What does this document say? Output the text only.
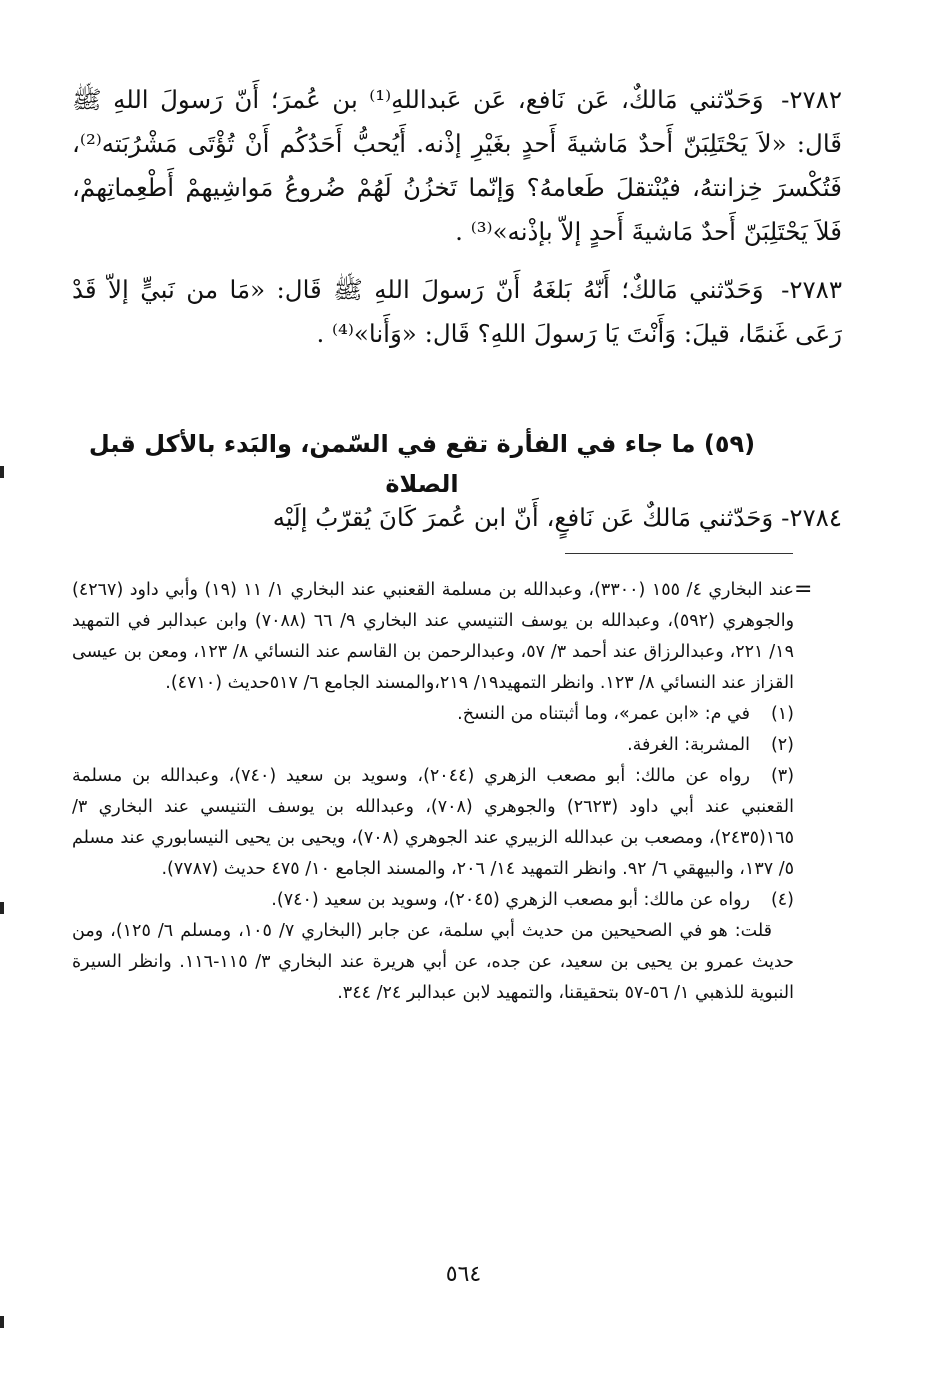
٢٧٨٢- وَحَدّثني مَالكٌ، عَن نَافع، عَن عَبداللهِ⁽¹⁾ بن عُمرَ؛ أَنّ رَسولَ اللهِ ﷺ قَال: «لاَ يَحْتَلِبَنّ أَحدٌ مَاشيةَ أَحدٍ بغَيْرِ إذْنه. أَيُحبُّ أَحَدُكُم أَنْ تُؤْتَى مَشْرُبَته⁽²⁾، فَتُكْسرَ خِزانتهُ، فيُنْتقلَ طَعامهُ؟ وَإنّما تَخزُنُ لَهُمْ ضُروعُ مَواشِيهمْ أَطْعِماتِهمْ، فَلاَ يَحْتَلِبَنّ أَحدٌ مَاشيةَ أَحدٍ إلاّ بإذْنه»⁽³⁾ .

٢٧٨٣- وَحَدّثني مَالكٌ؛ أَنّهُ بَلغَهُ أَنّ رَسولَ اللهِ ﷺ قَال: «مَا من نَبيٍّ إلاّ قَدْ رَعَى غَنمًا، قيلَ: وَأَنْتَ يَا رَسولَ اللهِ؟ قَال: «وَأَنا»⁽⁴⁾ .

(٥٩) ما جاء في الفأرة تقع في السّمن، والبَدء بالأكل قبل الصلاة

٢٧٨٤- وَحَدّثني مَالكٌ عَن نَافعٍ، أَنّ ابن عُمرَ كَانَ يُقرّبُ إلَيْه

=

عند البخاري ٤/ ١٥٥ (٣٣٠٠)، وعبدالله بن مسلمة القعنبي عند البخاري ١/ ١١ (١٩) وأبي داود (٤٢٦٧) والجوهري (٥٩٢)، وعبدالله بن يوسف التنيسي عند البخاري ٩/ ٦٦ (٧٠٨٨) وابن عبدالبر في التمهيد ١٩/ ٢٢١، وعبدالرزاق عند أحمد ٣/ ٥٧، وعبدالرحمن بن القاسم عند النسائي ٨/ ١٢٣، ومعن بن عيسى القزاز عند النسائي ٨/ ١٢٣. وانظر التمهيد١٩/ ٢١٩،والمسند الجامع ٦/ ٥١٧حديث (٤٧١٠).

(١)في م: «ابن عمر»، وما أثبتناه من النسخ.

(٢)المشربة: الغرفة.

(٣)رواه عن مالك: أبو مصعب الزهري (٢٠٤٤)، وسويد بن سعيد (٧٤٠)، وعبدالله بن مسلمة القعنبي عند أبي داود (٢٦٢٣) والجوهري (٧٠٨)، وعبدالله بن يوسف التنيسي عند البخاري ٣/ ١٦٥(٢٤٣٥)، ومصعب بن عبدالله الزبيري عند الجوهري (٧٠٨)، ويحيى بن يحيى النيسابوري عند مسلم ٥/ ١٣٧، والبيهقي ٦/ ٩٢. وانظر التمهيد ١٤/ ٢٠٦، والمسند الجامع ١٠/ ٤٧٥ حديث (٧٧٨٧).

(٤)رواه عن مالك: أبو مصعب الزهري (٢٠٤٥)، وسويد بن سعيد (٧٤٠).

قلت: هو في الصحيحين من حديث أبي سلمة، عن جابر (البخاري ٧/ ١٠٥، ومسلم ٦/ ١٢٥)، ومن حديث عمرو بن يحيى بن سعيد، عن جده، عن أبي هريرة عند البخاري ٣/ ١١٥-١١٦. وانظر السيرة النبوية للذهبي ١/ ٥٦-٥٧ بتحقيقنا، والتمهيد لابن عبدالبر ٢٤/ ٣٤٤.

٥٦٤
